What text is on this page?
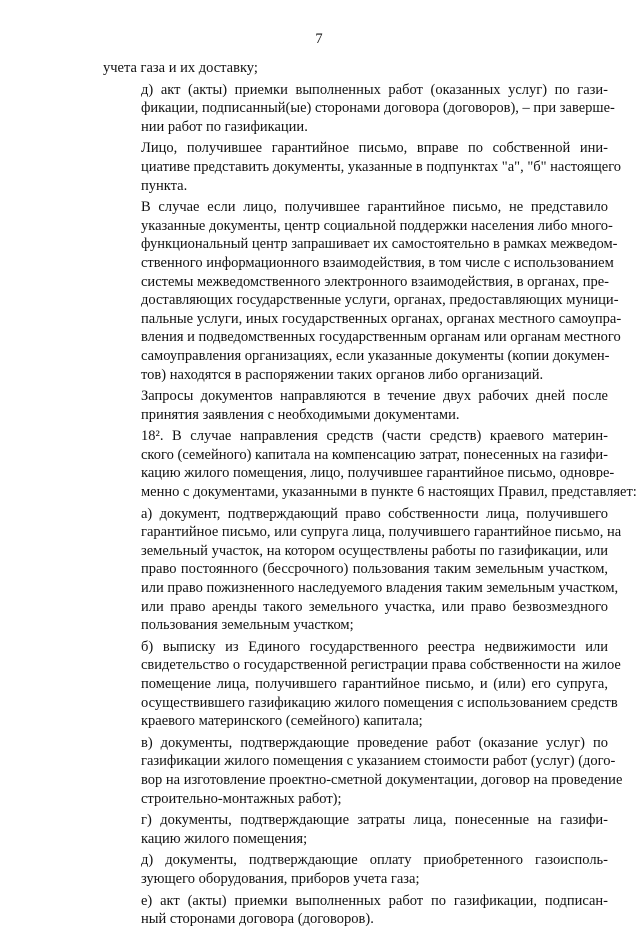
7

учета газа и их доставку;

д) акт (акты) приемки выполненных работ (оказанных услуг) по гази-
фикации, подписанный(ые) сторонами договора (договоров), – при заверше-
нии работ по газификации.

Лицо, получившее гарантийное письмо, вправе по собственной ини-
циативе представить документы, указанные в подпунктах "а", "б" настоящего
пункта.

В случае если лицо, получившее гарантийное письмо, не представило
указанные документы, центр социальной поддержки населения либо много-
функциональный центр запрашивает их самостоятельно в рамках межведом-
ственного информационного взаимодействия, в том числе с использованием
системы межведомственного электронного взаимодействия, в органах, пре-
доставляющих государственные услуги, органах, предоставляющих муници-
пальные услуги, иных государственных органах, органах местного самоупра-
вления и подведомственных государственным органам или органам местного
самоуправления организациях, если указанные документы (копии докумен-
тов) находятся в распоряжении таких органов либо организаций.

Запросы документов направляются в течение двух рабочих дней после
принятия заявления с необходимыми документами.

18². В случае направления средств (части средств) краевого материн-
ского (семейного) капитала на компенсацию затрат, понесенных на газифи-
кацию жилого помещения, лицо, получившее гарантийное письмо, одновре-
менно с документами, указанными в пункте 6 настоящих Правил, представляет:

а) документ, подтверждающий право собственности лица, получившего
гарантийное письмо, или супруга лица, получившего гарантийное письмо, на
земельный участок, на котором осуществлены работы по газификации, или
право постоянного (бессрочного) пользования таким земельным участком,
или право пожизненного наследуемого владения таким земельным участком,
или право аренды такого земельного участка, или право безвозмездного
пользования земельным участком;

б) выписку из Единого государственного реестра недвижимости или
свидетельство о государственной регистрации права собственности на жилое
помещение лица, получившего гарантийное письмо, и (или) его супруга,
осуществившего газификацию жилого помещения с использованием средств
краевого материнского (семейного) капитала;

в) документы, подтверждающие проведение работ (оказание услуг) по
газификации жилого помещения с указанием стоимости работ (услуг) (дого-
вор на изготовление проектно-сметной документации, договор на проведение
строительно-монтажных работ);

г) документы, подтверждающие затраты лица, понесенные на газифи-
кацию жилого помещения;

д) документы, подтверждающие оплату приобретенного газоисполь-
зующего оборудования, приборов учета газа;

е) акт (акты) приемки выполненных работ по газификации, подписан-
ный сторонами договора (договоров).
